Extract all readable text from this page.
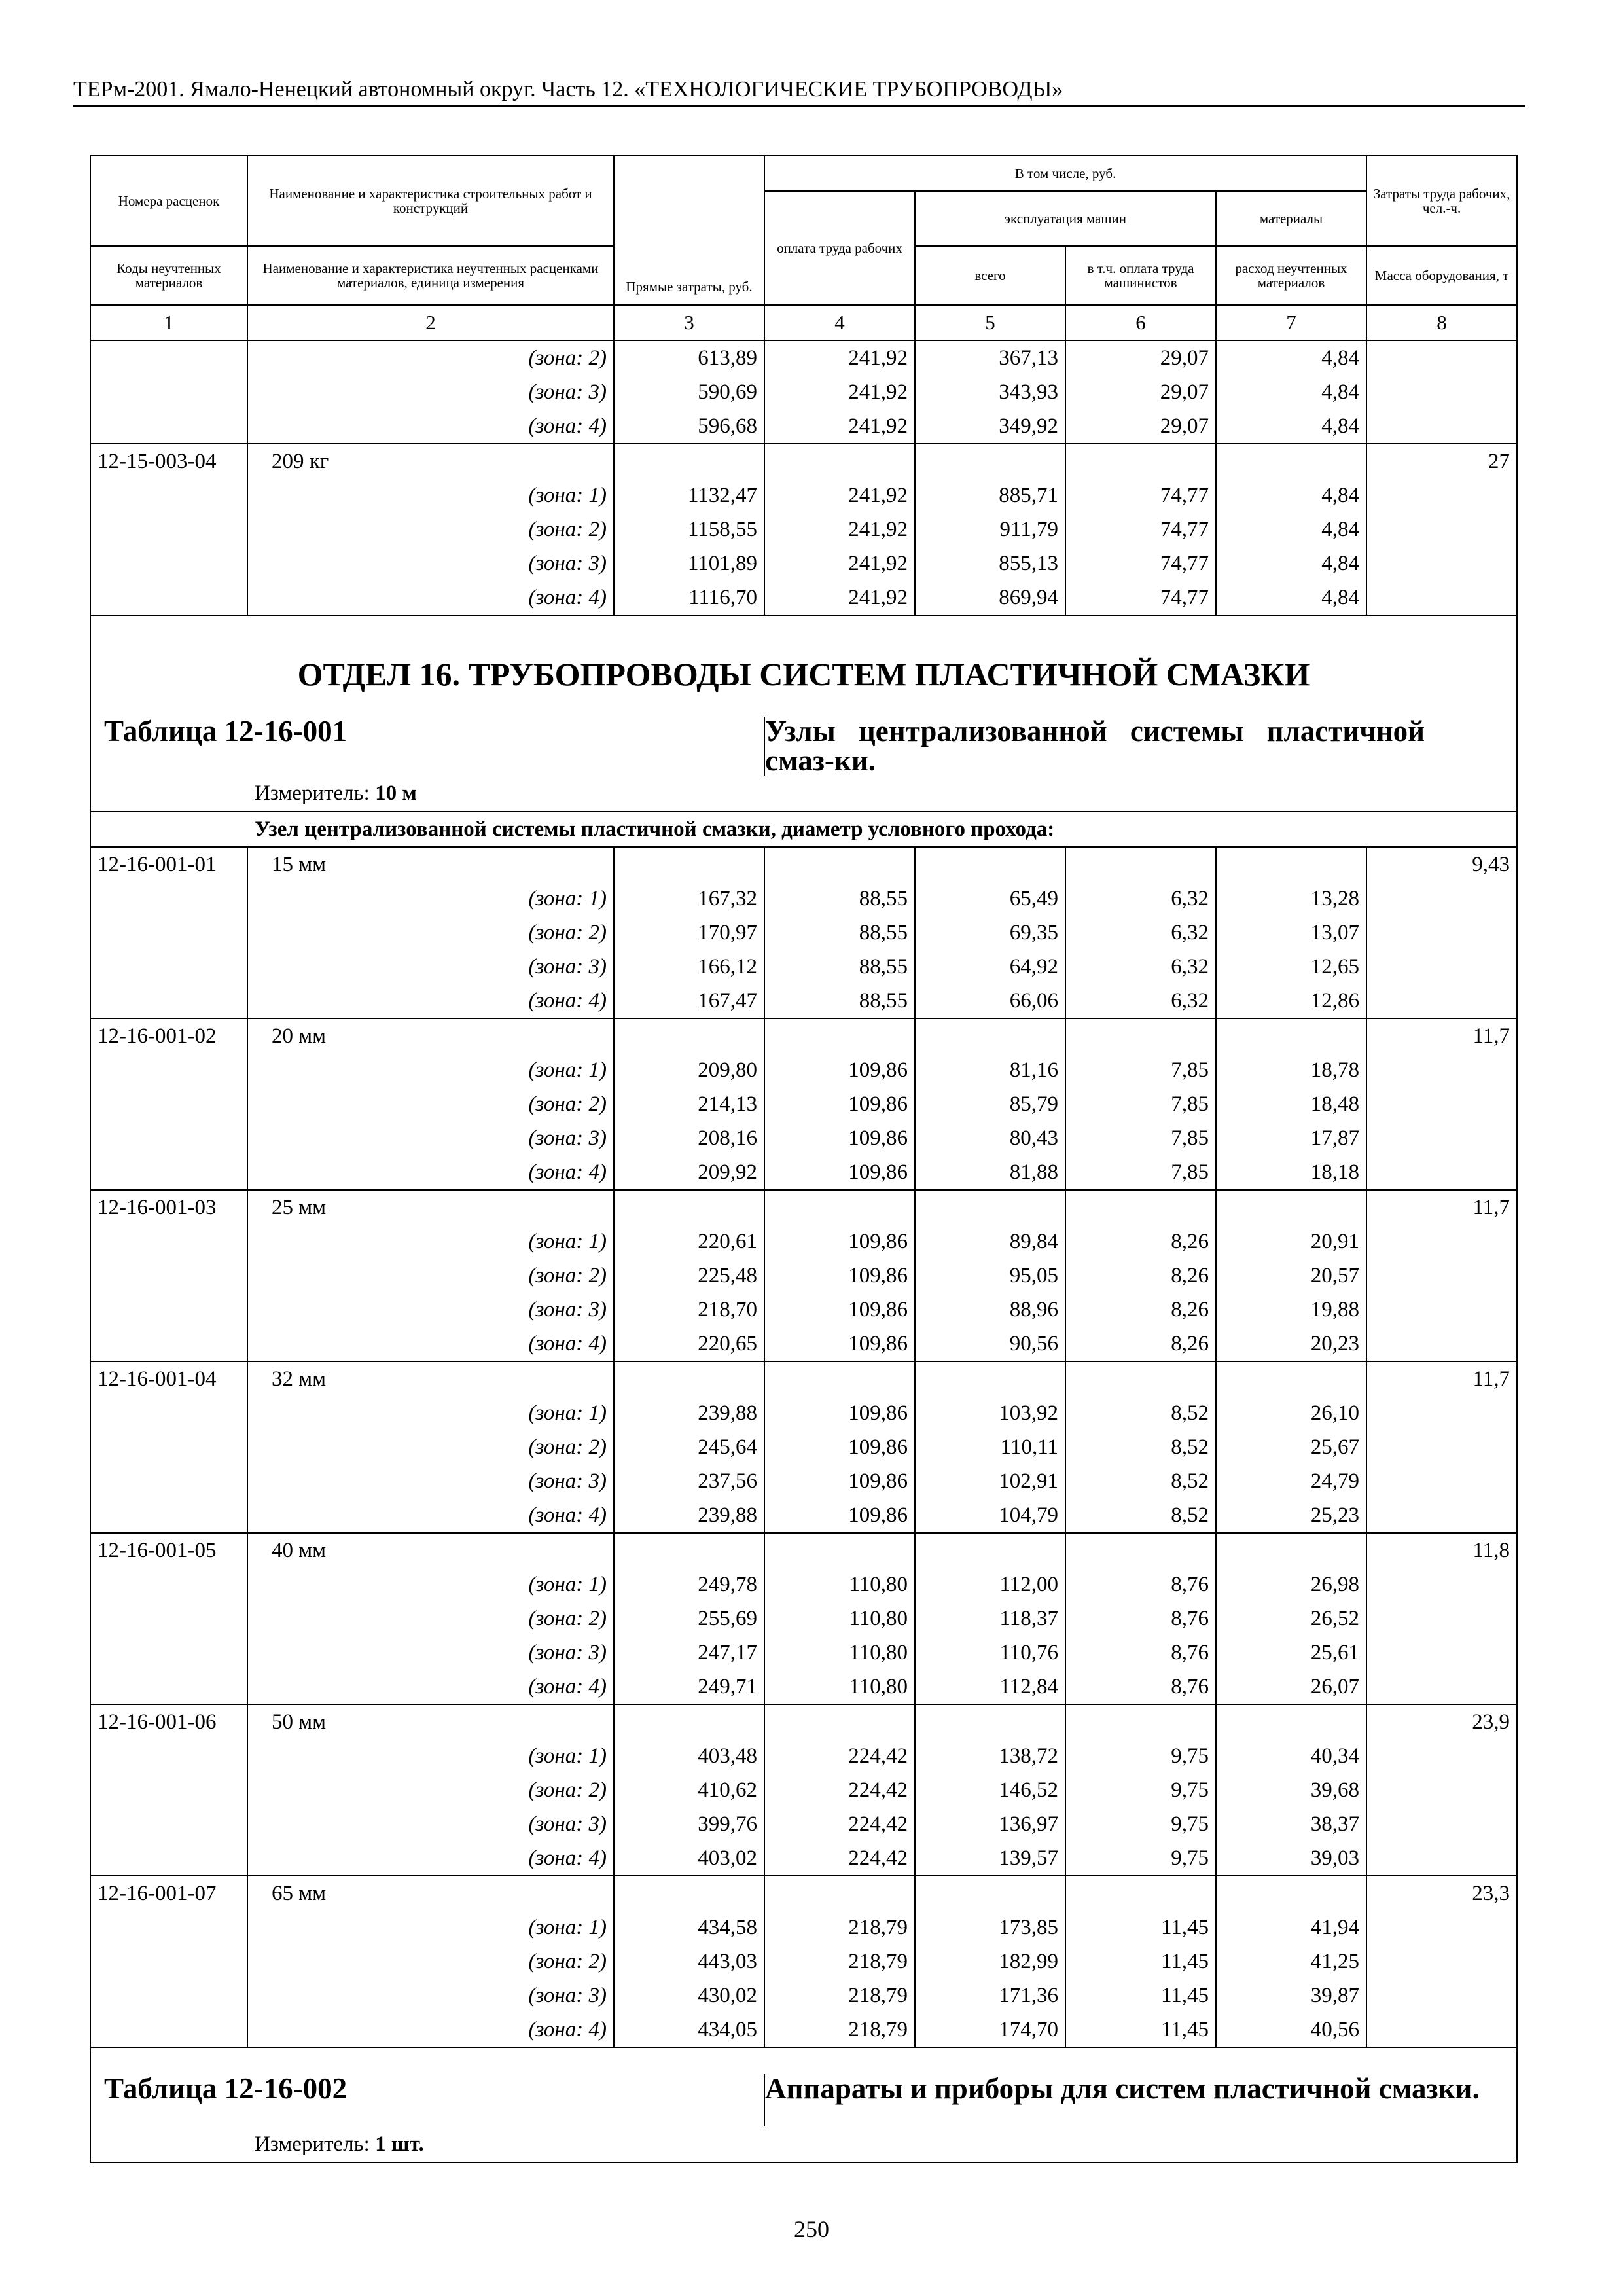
ТЕРм-2001. Ямало-Ненецкий автономный округ. Часть 12. «ТЕХНОЛОГИЧЕСКИЕ ТРУБОПРОВОДЫ»
Номера расценок	Наименование и характеристика строительных работ и конструкций	Прямые затраты, руб.	В том числе, руб.				Затраты труда рабочих, чел.-ч.
			оплата труда рабочих	эксплуатация машин		материалы	
Коды неучтенных материалов	Наименование и характеристика неучтенных расценками материалов, единица измерения			всего	в т.ч. оплата труда машинистов	расход неучтенных материалов	Масса оборудования, т
1	2	3	4	5	6	7	8

	(зона: 2)	613,89	241,92	367,13	29,07	4,84	

	(зона: 3)	590,69	241,92	343,93	29,07	4,84	

	(зона: 4)	596,68	241,92	349,92	29,07	4,84	
12-15-003-04	209 кг						27

	(зона: 1)	1132,47	241,92	885,71	74,77	4,84	

	(зона: 2)	1158,55	241,92	911,79	74,77	4,84	

	(зона: 3)	1101,89	241,92	855,13	74,77	4,84	

	(зона: 4)	1116,70	241,92	869,94	74,77	4,84	
ОТДЕЛ 16. ТРУБОПРОВОДЫ СИСТЕМ ПЛАСТИЧНОЙ СМАЗКИ							
Таблица 12-16-001			Узлы централизованной системы пластичной смаз-ки.				
Измеритель: 10 м							
Узел централизованной системы пластичной смазки, диаметр условного прохода:							
12-16-001-01	15 мм						9,43

	(зона: 1)	167,32	88,55	65,49	6,32	13,28	

	(зона: 2)	170,97	88,55	69,35	6,32	13,07	

	(зона: 3)	166,12	88,55	64,92	6,32	12,65	

	(зона: 4)	167,47	88,55	66,06	6,32	12,86	
12-16-001-02	20 мм						11,7

	(зона: 1)	209,80	109,86	81,16	7,85	18,78	

	(зона: 2)	214,13	109,86	85,79	7,85	18,48	

	(зона: 3)	208,16	109,86	80,43	7,85	17,87	

	(зона: 4)	209,92	109,86	81,88	7,85	18,18	
12-16-001-03	25 мм						11,7

	(зона: 1)	220,61	109,86	89,84	8,26	20,91	

	(зона: 2)	225,48	109,86	95,05	8,26	20,57	

	(зона: 3)	218,70	109,86	88,96	8,26	19,88	

	(зона: 4)	220,65	109,86	90,56	8,26	20,23	
12-16-001-04	32 мм						11,7

	(зона: 1)	239,88	109,86	103,92	8,52	26,10	

	(зона: 2)	245,64	109,86	110,11	8,52	25,67	

	(зона: 3)	237,56	109,86	102,91	8,52	24,79	

	(зона: 4)	239,88	109,86	104,79	8,52	25,23	
12-16-001-05	40 мм						11,8

	(зона: 1)	249,78	110,80	112,00	8,76	26,98	

	(зона: 2)	255,69	110,80	118,37	8,76	26,52	

	(зона: 3)	247,17	110,80	110,76	8,76	25,61	

	(зона: 4)	249,71	110,80	112,84	8,76	26,07	
12-16-001-06	50 мм						23,9

	(зона: 1)	403,48	224,42	138,72	9,75	40,34	

	(зона: 2)	410,62	224,42	146,52	9,75	39,68	

	(зона: 3)	399,76	224,42	136,97	9,75	38,37	

	(зона: 4)	403,02	224,42	139,57	9,75	39,03	
12-16-001-07	65 мм						23,3

	(зона: 1)	434,58	218,79	173,85	11,45	41,94	

	(зона: 2)	443,03	218,79	182,99	11,45	41,25	

	(зона: 3)	430,02	218,79	171,36	11,45	39,87	

	(зона: 4)	434,05	218,79	174,70	11,45	40,56	

Таблица 12-16-002			Аппараты и приборы для систем пластичной смазки.				
Измеритель: 1 шт.							
250
